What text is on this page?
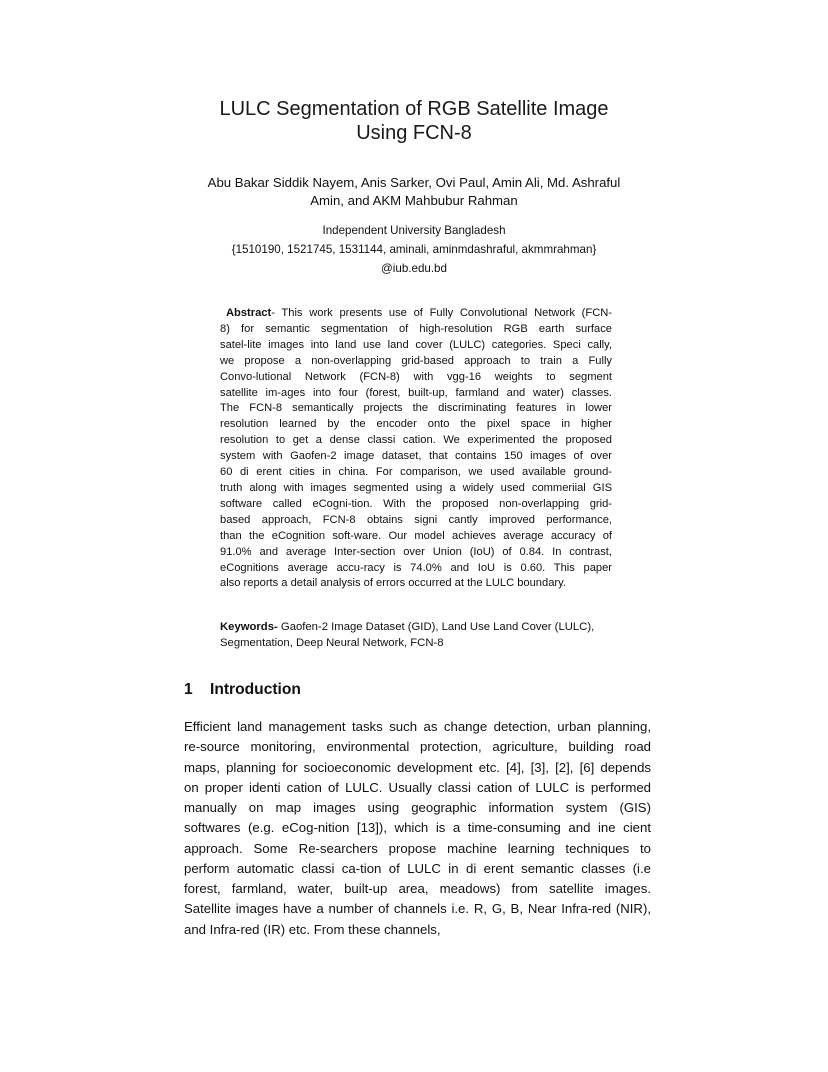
LULC Segmentation of RGB Satellite Image
Using FCN-8
Abu Bakar Siddik Nayem, Anis Sarker, Ovi Paul, Amin Ali, Md. Ashraful
Amin, and AKM Mahbubur Rahman
Independent University Bangladesh
{1510190, 1521745, 1531144, aminali, aminmdashraful, akmmrahman}
@iub.edu.bd
Abstract- This work presents use of Fully Convolutional Network (FCN-
8) for semantic segmentation of high-resolution RGB earth surface
satel-lite images into land use land cover (LULC) categories. Speci cally,
we propose a non-overlapping grid-based approach to train a Fully
Convo-lutional Network (FCN-8) with vgg-16 weights to segment
satellite im-ages into four (forest, built-up, farmland and water) classes.
The FCN-8 semantically projects the discriminating features in lower
resolution learned by the encoder onto the pixel space in higher
resolution to get a dense classi cation. We experimented the proposed
system with Gaofen-2 image dataset, that contains 150 images of over
60 di erent cities in china. For comparison, we used available ground-
truth along with images segmented using a widely used commeriial GIS
software called eCogni-tion. With the proposed non-overlapping grid-
based approach, FCN-8 obtains signi cantly improved performance,
than the eCognition soft-ware. Our model achieves average accuracy of
91.0% and average Inter-section over Union (IoU) of 0.84. In contrast,
eCognitions average accu-racy is 74.0% and IoU is 0.60. This paper
also reports a detail analysis of errors occurred at the LULC boundary.
Keywords- Gaofen-2 Image Dataset (GID), Land Use Land Cover (LULC),
Segmentation, Deep Neural Network, FCN-8
1 Introduction
Efficient land management tasks such as change detection, urban planning,
re-source monitoring, environmental protection, agriculture, building road
maps, planning for socioeconomic development etc. [4], [3], [2], [6] depends
on proper identi cation of LULC. Usually classi cation of LULC is performed
manually on map images using geographic information system (GIS)
softwares (e.g. eCog-nition [13]), which is a time-consuming and ine cient
approach. Some Re-searchers propose machine learning techniques to
perform automatic classi ca-tion of LULC in di erent semantic classes (i.e
forest, farmland, water, built-up area, meadows) from satellite images.
Satellite images have a number of channels i.e. R, G, B, Near Infra-red (NIR),
and Infra-red (IR) etc. From these channels,
